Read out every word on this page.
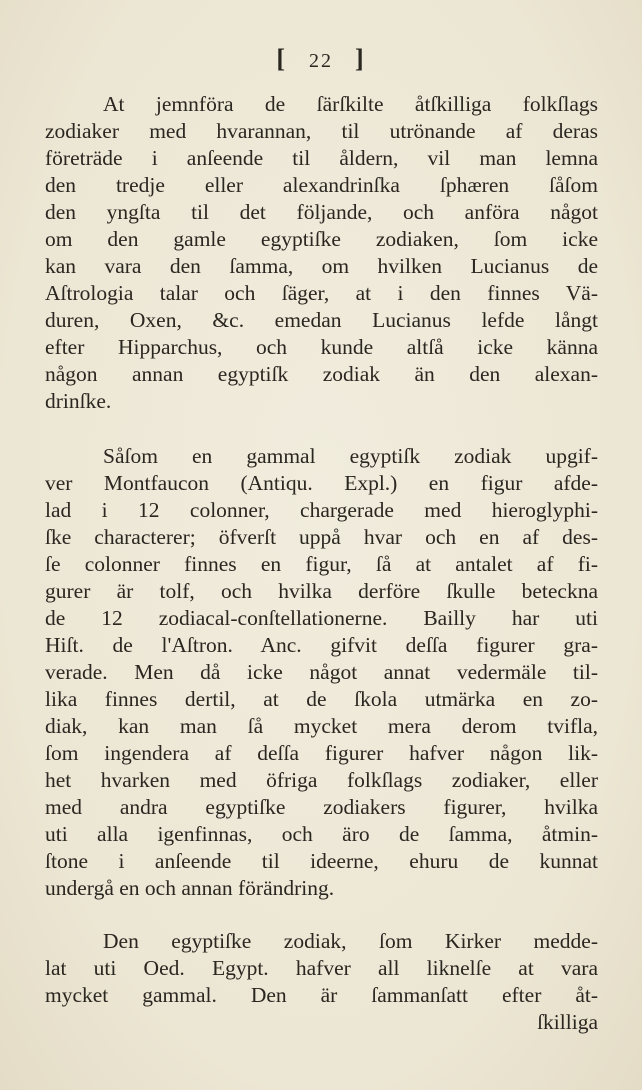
[ 22 ]
At jemnföra de ſärſkilte åtſkilliga folkſlags
zodiaker med hvarannan, til utrönande af deras
företräde i anſeende til åldern, vil man lemna
den tredje eller alexandrinſka ſphæren ſåſom
den yngſta til det följande, och anföra något
om den gamle egyptiſke zodiaken, ſom icke
kan vara den ſamma, om hvilken Lucianus de
Aſtrologia talar och ſäger, at i den finnes Vä-
duren, Oxen, &c. emedan Lucianus lefde långt
efter Hipparchus, och kunde altſå icke känna
någon annan egyptiſk zodiak än den alexan-
drinſke.
Såſom en gammal egyptiſk zodiak upgif-
ver Montfaucon (Antiqu. Expl.) en figur afde-
lad i 12 colonner, chargerade med hieroglyphi-
ſke characterer; öfverſt uppå hvar och en af des-
ſe colonner finnes en figur, ſå at antalet af fi-
gurer är tolf, och hvilka derföre ſkulle beteckna
de 12 zodiacal-conſtellationerne. Bailly har uti
Hiſt. de l'Aſtron. Anc. gifvit deſſa figurer gra-
verade. Men då icke något annat vedermäle til-
lika finnes dertil, at de ſkola utmärka en zo-
diak, kan man ſå mycket mera derom tvifla,
ſom ingendera af deſſa figurer hafver någon lik-
het hvarken med öfriga folkſlags zodiaker, eller
med andra egyptiſke zodiakers figurer, hvilka
uti alla igenfinnas, och äro de ſamma, åtmin-
ſtone i anſeende til ideerne, ehuru de kunnat
undergå en och annan förändring.
Den egyptiſke zodiak, ſom Kirker medde-
lat uti Oed. Egypt. hafver all liknelſe at vara
mycket gammal. Den är ſammanſatt efter åt-
ſkilliga
